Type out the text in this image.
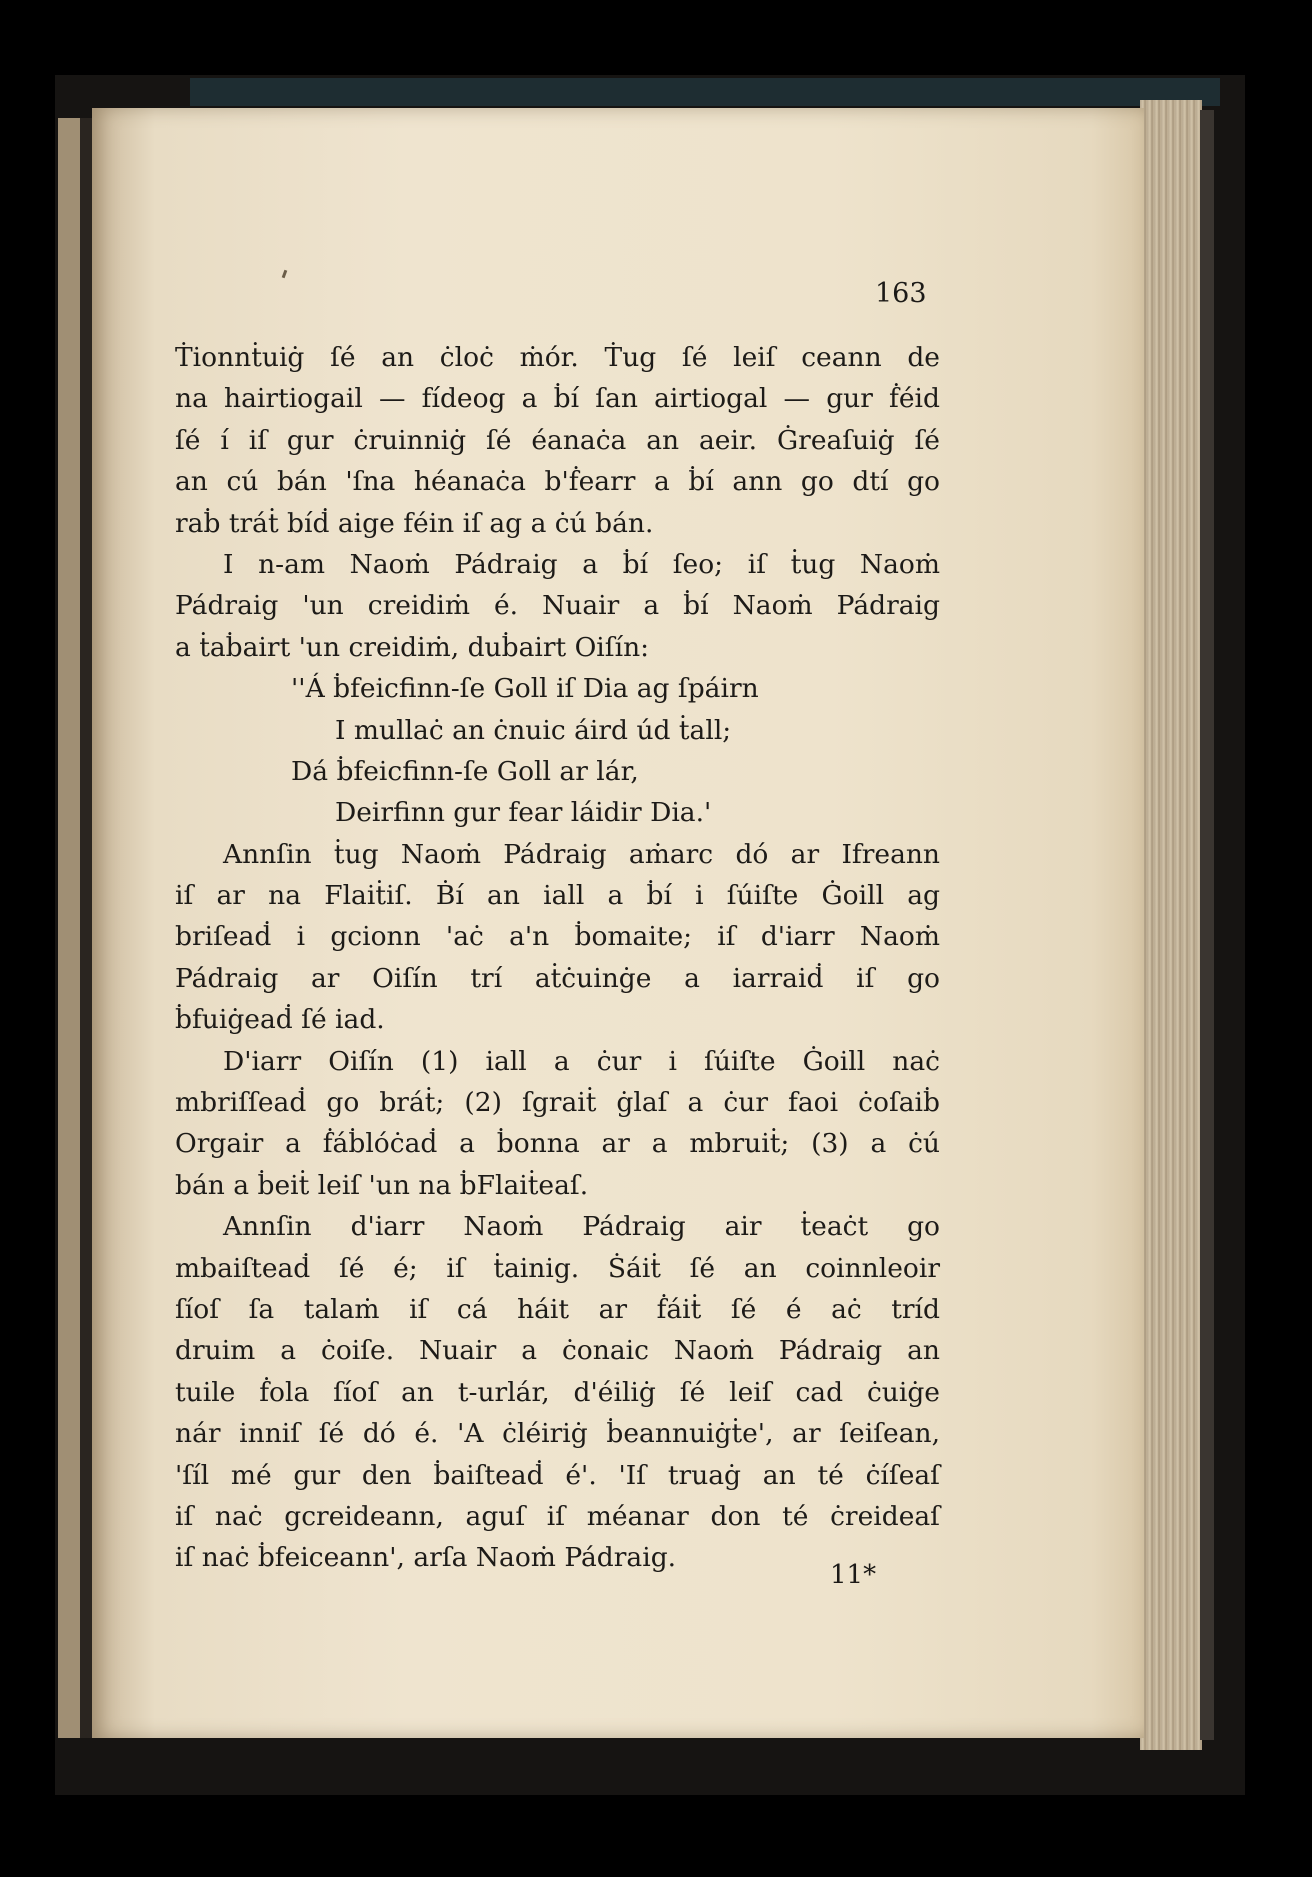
163
Ṫionnṫuiġ ſé an ċloċ ṁór. Ṫug ſé leiſ ceann de
na hairtiogail — fídeog a ḃí ſan airtiogal — gur ḟéid
ſé í iſ gur ċruinniġ ſé éanaċa an aeir. Ġreaſuiġ ſé
an cú bán 'ſna héanaċa b'ḟearr a ḃí ann go dtí go
raḃ tráṫ bíḋ aige féin iſ ag a ċú bán.
I n-am Naoṁ Pádraig a ḃí ſeo; iſ ṫug Naoṁ
Pádraig 'un creidiṁ é. Nuair a ḃí Naoṁ Pádraig
a ṫaḃairt 'un creidiṁ, duḃairt Oiſín:
''Á ḃfeicfinn-ſe Goll iſ Dia ag ſpáirn
I mullaċ an ċnuic áird úd ṫall;
Dá ḃfeicfinn-ſe Goll ar lár,
Deirfinn gur fear láidir Dia.'
Annſin ṫug Naoṁ Pádraig aṁarc dó ar Ifreann
iſ ar na Flaiṫiſ. Ḃí an iall a ḃí i ſúiſte Ġoill ag
briſeaḋ i gcionn 'aċ a'n ḃomaite; iſ d'iarr Naoṁ
Pádraig ar Oiſín trí aṫċuinġe a iarraiḋ iſ go
ḃfuiġeaḋ ſé iad.
D'iarr Oiſín (1) iall a ċur i ſúiſte Ġoill naċ
mbriſſeaḋ go bráṫ; (2) ſgraiṫ ġlaſ a ċur faoi ċoſaiḃ
Orgair a ḟáḃlóċaḋ a ḃonna ar a mbruiṫ; (3) a ċú
bán a ḃeiṫ leiſ 'un na ḃFlaiṫeaſ.
Annſin d'iarr Naoṁ Pádraig air ṫeaċt go
mbaiſteaḋ ſé é; iſ ṫainig. Ṡáiṫ ſé an coinnleoir
ſíoſ ſa talaṁ iſ cá háit ar ḟáiṫ ſé é aċ tríd
druim a ċoiſe. Nuair a ċonaic Naoṁ Pádraig an
tuile ḟola ſíoſ an t-urlár, d'éiliġ ſé leiſ cad ċuiġe
nár inniſ ſé dó é. 'A ċléiriġ ḃeannuiġṫe', ar ſeiſean,
'ſíl mé gur den ḃaiſteaḋ é'. 'Iſ truaġ an té ċíſeaſ
iſ naċ gcreideann, aguſ iſ méanar don té ċreideaſ
iſ naċ ḃfeiceann', arſa Naoṁ Pádraig.
11*
